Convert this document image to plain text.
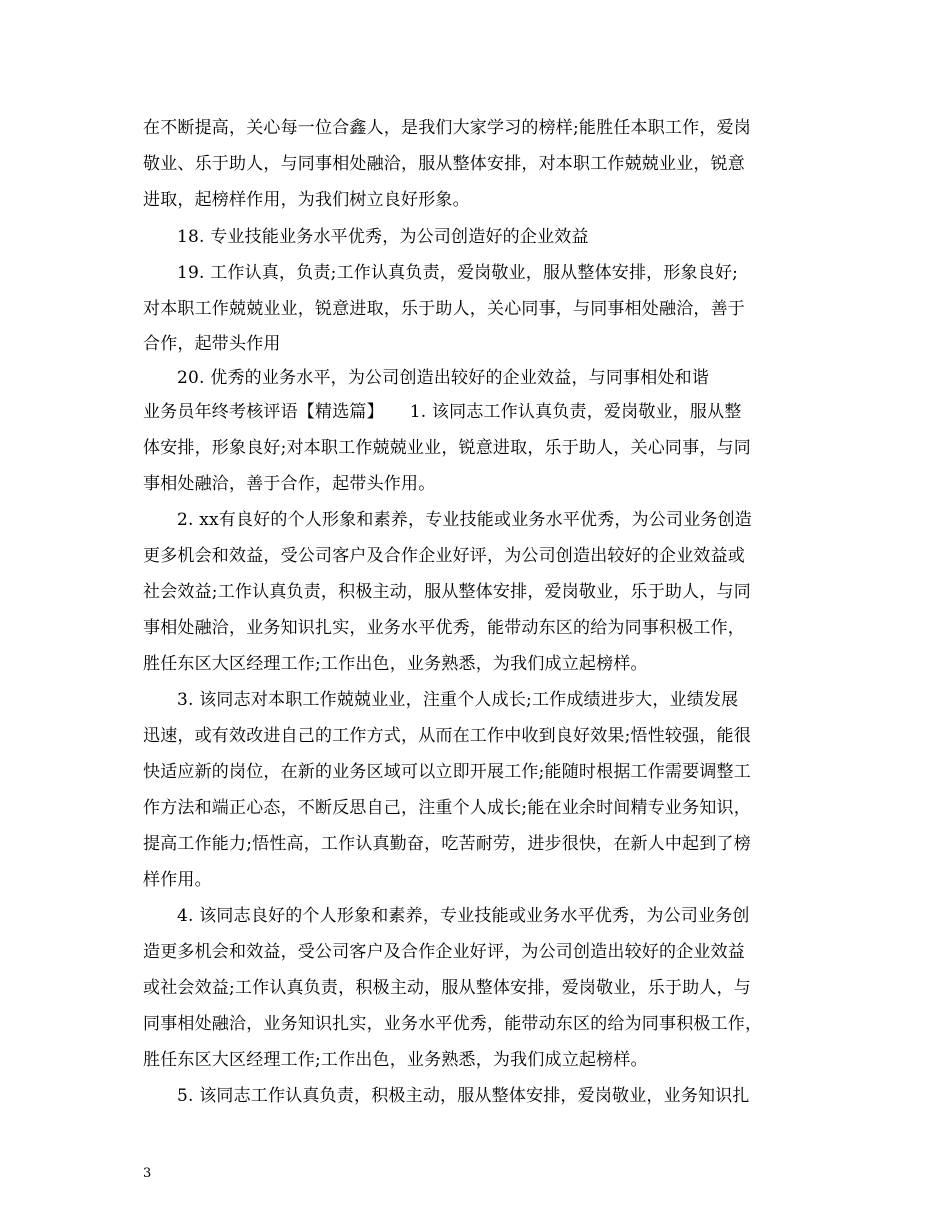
在不断提高，关心每一位合鑫人，是我们大家学习的榜样;能胜任本职工作，爱岗
敬业、乐于助人，与同事相处融洽，服从整体安排，对本职工作兢兢业业，锐意
进取，起榜样作用，为我们树立良好形象。
18. 专业技能业务水平优秀，为公司创造好的企业效益
19. 工作认真，负责;工作认真负责，爱岗敬业，服从整体安排，形象良好;
对本职工作兢兢业业，锐意进取，乐于助人，关心同事，与同事相处融洽，善于
合作，起带头作用
20. 优秀的业务水平，为公司创造出较好的企业效益，与同事相处和谐
业务员年终考核评语【精选篇】　　1. 该同志工作认真负责，爱岗敬业，服从整
体安排，形象良好;对本职工作兢兢业业，锐意进取，乐于助人，关心同事，与同
事相处融洽，善于合作，起带头作用。
2. xx有良好的个人形象和素养，专业技能或业务水平优秀，为公司业务创造
更多机会和效益，受公司客户及合作企业好评，为公司创造出较好的企业效益或
社会效益;工作认真负责，积极主动，服从整体安排，爱岗敬业，乐于助人，与同
事相处融洽，业务知识扎实，业务水平优秀，能带动东区的给为同事积极工作，
胜任东区大区经理工作;工作出色，业务熟悉，为我们成立起榜样。
3. 该同志对本职工作兢兢业业，注重个人成长;工作成绩进步大，业绩发展
迅速，或有效改进自己的工作方式，从而在工作中收到良好效果;悟性较强，能很
快适应新的岗位，在新的业务区域可以立即开展工作;能随时根据工作需要调整工
作方法和端正心态，不断反思自己，注重个人成长;能在业余时间精专业务知识，
提高工作能力;悟性高，工作认真勤奋，吃苦耐劳，进步很快，在新人中起到了榜
样作用。
4. 该同志良好的个人形象和素养，专业技能或业务水平优秀，为公司业务创
造更多机会和效益，受公司客户及合作企业好评，为公司创造出较好的企业效益
或社会效益;工作认真负责，积极主动，服从整体安排，爱岗敬业，乐于助人，与
同事相处融洽，业务知识扎实，业务水平优秀，能带动东区的给为同事积极工作，
胜任东区大区经理工作;工作出色，业务熟悉，为我们成立起榜样。
5. 该同志工作认真负责，积极主动，服从整体安排，爱岗敬业，业务知识扎
3
